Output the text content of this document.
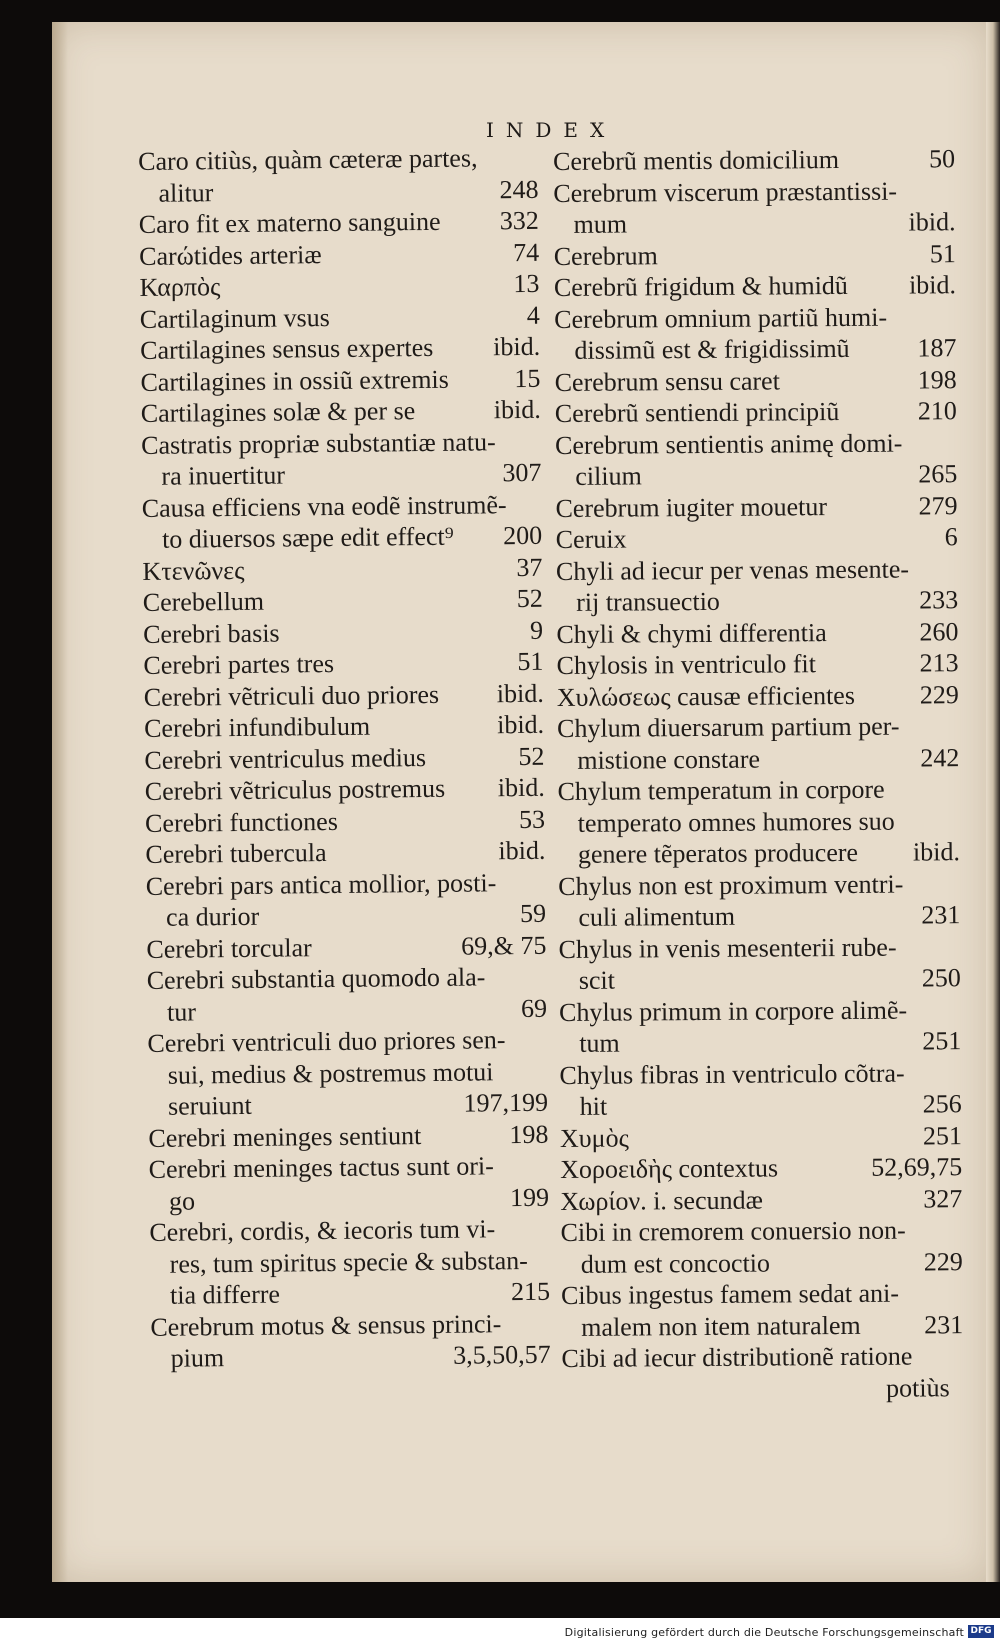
INDEX
Caro citiùs, quàm cæteræ partes,
alitur	248
Caro fit ex materno sanguine	332
Carώtides arteriæ	74
Καρπὸς	13
Cartilaginum vsus	4
Cartilagines sensus expertes	ibid.
Cartilagines in ossiũ extremis	15
Cartilagines solæ & per se	ibid.
Castratis propriæ substantiæ natu-
ra inuertitur	307
Causa efficiens vna eodẽ instrumẽ-
to diuersos sæpe edit effect⁹	200
Κτενῶνες	37
Cerebellum	52
Cerebri basis	9
Cerebri partes tres	51
Cerebri vẽtriculi duo priores	ibid.
Cerebri infundibulum	ibid.
Cerebri ventriculus medius	52
Cerebri vẽtriculus postremus	ibid.
Cerebri functiones	53
Cerebri tubercula	ibid.
Cerebri pars antica mollior, posti-
ca durior	59
Cerebri torcular	69,& 75
Cerebri substantia quomodo ala-
tur	69
Cerebri ventriculi duo priores sen-
sui, medius & postremus motui
seruiunt	197,199
Cerebri meninges sentiunt	198
Cerebri meninges tactus sunt ori-
go	199
Cerebri, cordis, & iecoris tum vi-
res, tum spiritus specie & substan-
tia differre	215
Cerebrum motus & sensus princi-
pium	3,5,50,57
Cerebrũ mentis domicilium	50
Cerebrum viscerum præstantissi-
mum	ibid.
Cerebrum	51
Cerebrũ frigidum & humidũ	ibid.
Cerebrum omnium partiũ humi-
dissimũ est & frigidissimũ	187
Cerebrum sensu caret	198
Cerebrũ sentiendi principiũ	210
Cerebrum sentientis animę domi-
cilium	265
Cerebrum iugiter mouetur	279
Ceruix	6
Chyli ad iecur per venas mesente-
rij transuectio	233
Chyli & chymi differentia	260
Chylosis in ventriculo fit	213
Χυλώσεως causæ efficientes	229
Chylum diuersarum partium per-
mistione constare	242
Chylum temperatum in corpore
temperato omnes humores suo
genere tẽperatos producere	ibid.
Chylus non est proximum ventri-
culi alimentum	231
Chylus in venis mesenterii rube-
scit	250
Chylus primum in corpore alimẽ-
tum	251
Chylus fibras in ventriculo cõtra-
hit	256
Χυμὸς	251
Χοροειδὴς contextus	52,69,75
Χωρίον. i. secundæ	327
Cibi in cremorem conuersio non-
dum est concoctio	229
Cibus ingestus famem sedat ani-
malem non item naturalem	231
Cibi ad iecur distributionẽ ratione
potiùs
Digitalisierung gefördert durch die Deutsche Forschungsgemeinschaft DFG
